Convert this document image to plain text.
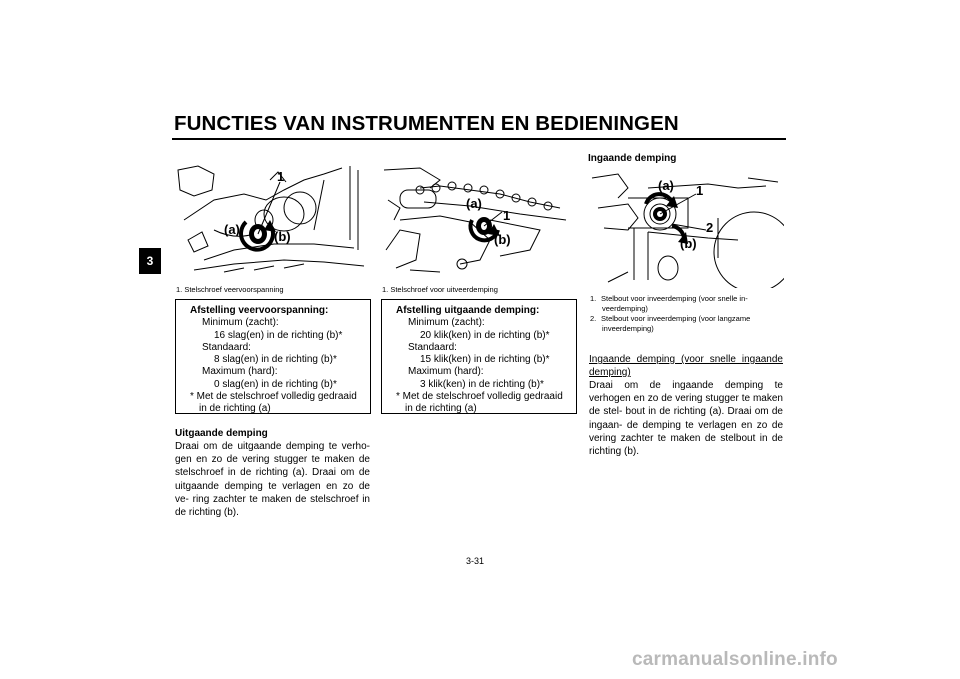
FUNCTIES VAN INSTRUMENTEN EN BEDIENINGEN
3
1
(a)	(b)
1. Stelschroef veervoorspanning
(a)
1
(b)
1. Stelschroef voor uitveerdemping
Afstelling veervoorspanning:
Minimum (zacht):
16 slag(en) in de richting (b)*
Standaard:
8 slag(en) in de richting (b)*
Maximum (hard):
0 slag(en) in de richting (b)*
* Met de stelschroef volledig gedraaid
in de richting (a)
Afstelling uitgaande demping:
Minimum (zacht):
20 klik(ken) in de richting (b)*
Standaard:
15 klik(ken) in de richting (b)*
Maximum (hard):
3 klik(ken) in de richting (b)*
* Met de stelschroef volledig gedraaid
in de richting (a)
Uitgaande demping
Draai om de uitgaande demping te verho- gen en zo de vering stugger te maken de stelschroef in de richting (a). Draai om de uitgaande demping te verlagen en zo de ve- ring zachter te maken de stelschroef in de richting (b).
Ingaande demping
(a) 1
2
(b)
1. Stelbout voor inveerdemping (voor snelle in-
veerdemping)
2. Stelbout voor inveerdemping (voor langzame
inveerdemping)
Ingaande demping (voor snelle ingaande demping)
Draai om de ingaande demping te verhogen en zo de vering stugger te maken de stel- bout in de richting (a). Draai om de ingaan- de demping te verlagen en zo de vering zachter te maken de stelbout in de richting (b).
3-31
carmanualsonline.info
